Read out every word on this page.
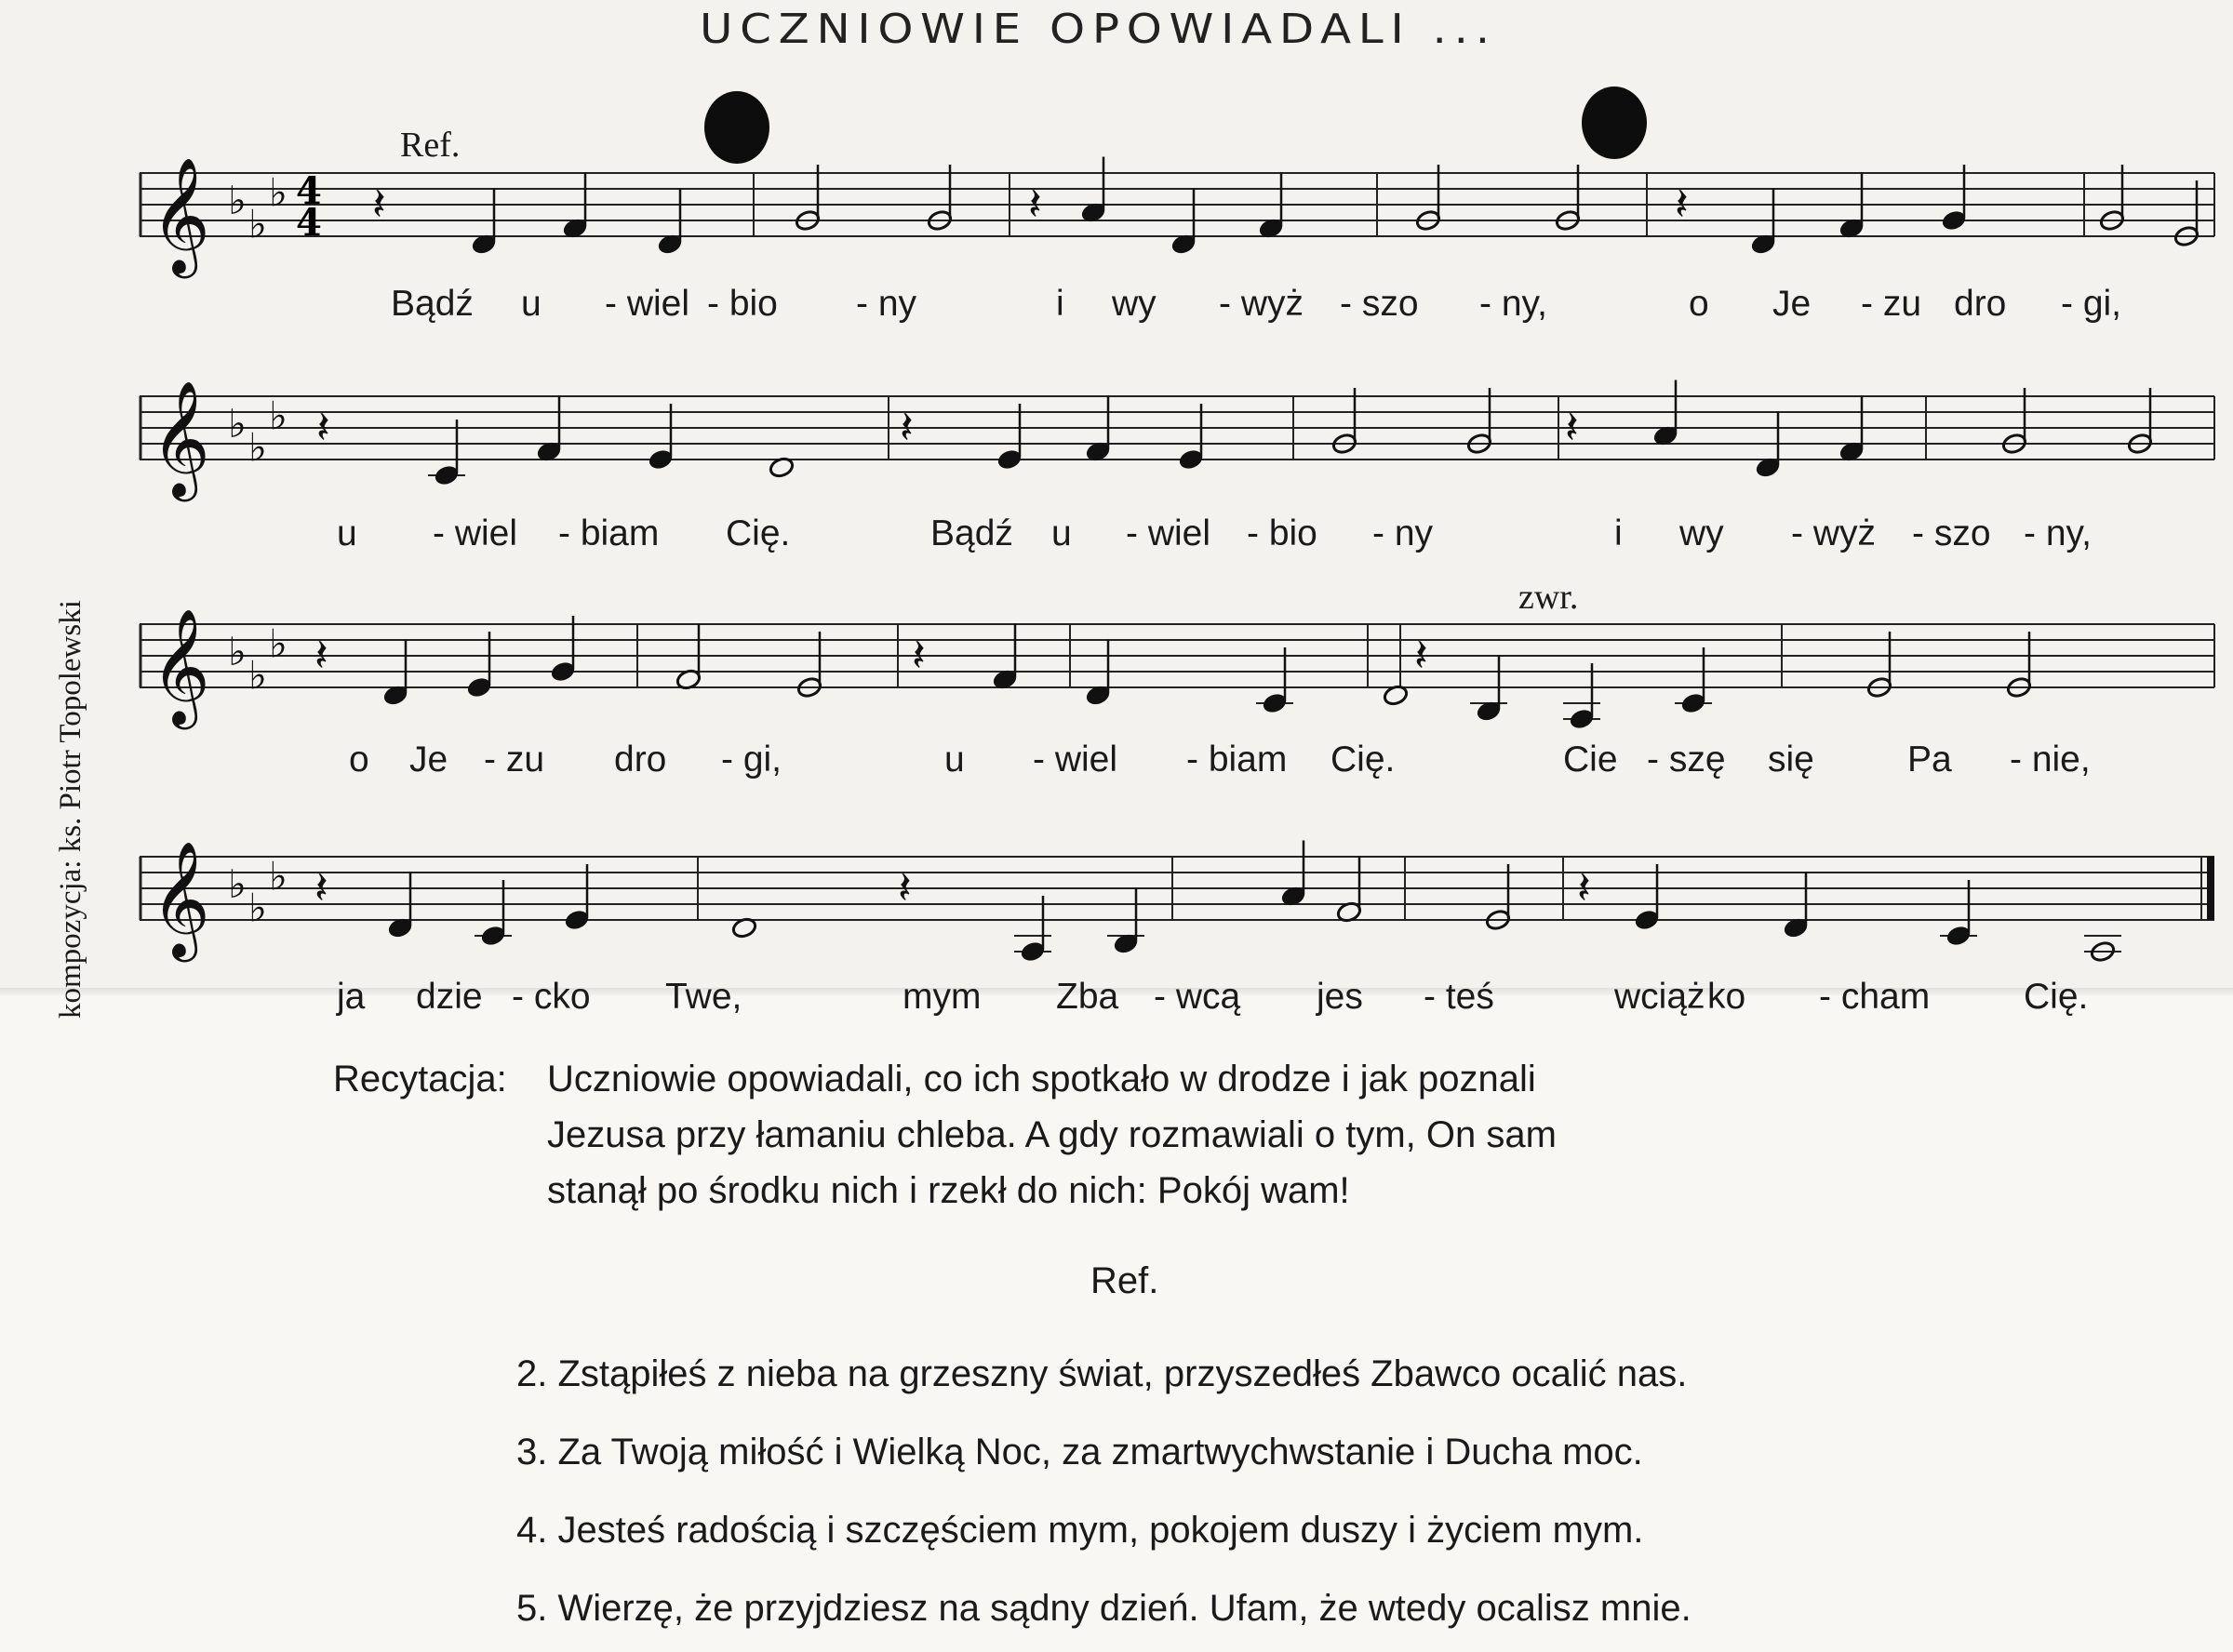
UCZNIOWIE OPOWIADALI ...
kompozycja: ks. Piotr Topolewski
Ref.
zwr.
𝄞 ♭
♭
♭ 4
4 𝄽	𝄽	𝄽
𝄞 ♭
♭
♭ 𝄽	𝄽	𝄽
𝄞 ♭
♭
♭ 𝄽	𝄽	𝄽
𝄞 ♭
♭
♭ 𝄽	𝄽	𝄽
Bądź u - wiel - bio - ny	i wy - wyż - szo - ny,	o Je - zu dro - gi,
u - wiel - biam Cię.	Bądź u - wiel - bio - ny	i wy - wyż - szo - ny,
o Je - zu dro - gi,	u - wiel - biam Cię.	Cie - szę się	Pa - nie,
ja dzie - cko Twe,	mym Zba - wcą jes - teś	wciąż ko - cham	Cię.
Recytacja: Uczniowie opowiadali, co ich spotkało w drodze i jak poznali
Jezusa przy łamaniu chleba. A gdy rozmawiali o tym, On sam
stanął po środku nich i rzekł do nich: Pokój wam!
Ref.
2. Zstąpiłeś z nieba na grzeszny świat, przyszedłeś Zbawco ocalić nas.
3. Za Twoją miłość i Wielką Noc, za zmartwychwstanie i Ducha moc.
4. Jesteś radością i szczęściem mym, pokojem duszy i życiem mym.
5. Wierzę, że przyjdziesz na sądny dzień. Ufam, że wtedy ocalisz mnie.
